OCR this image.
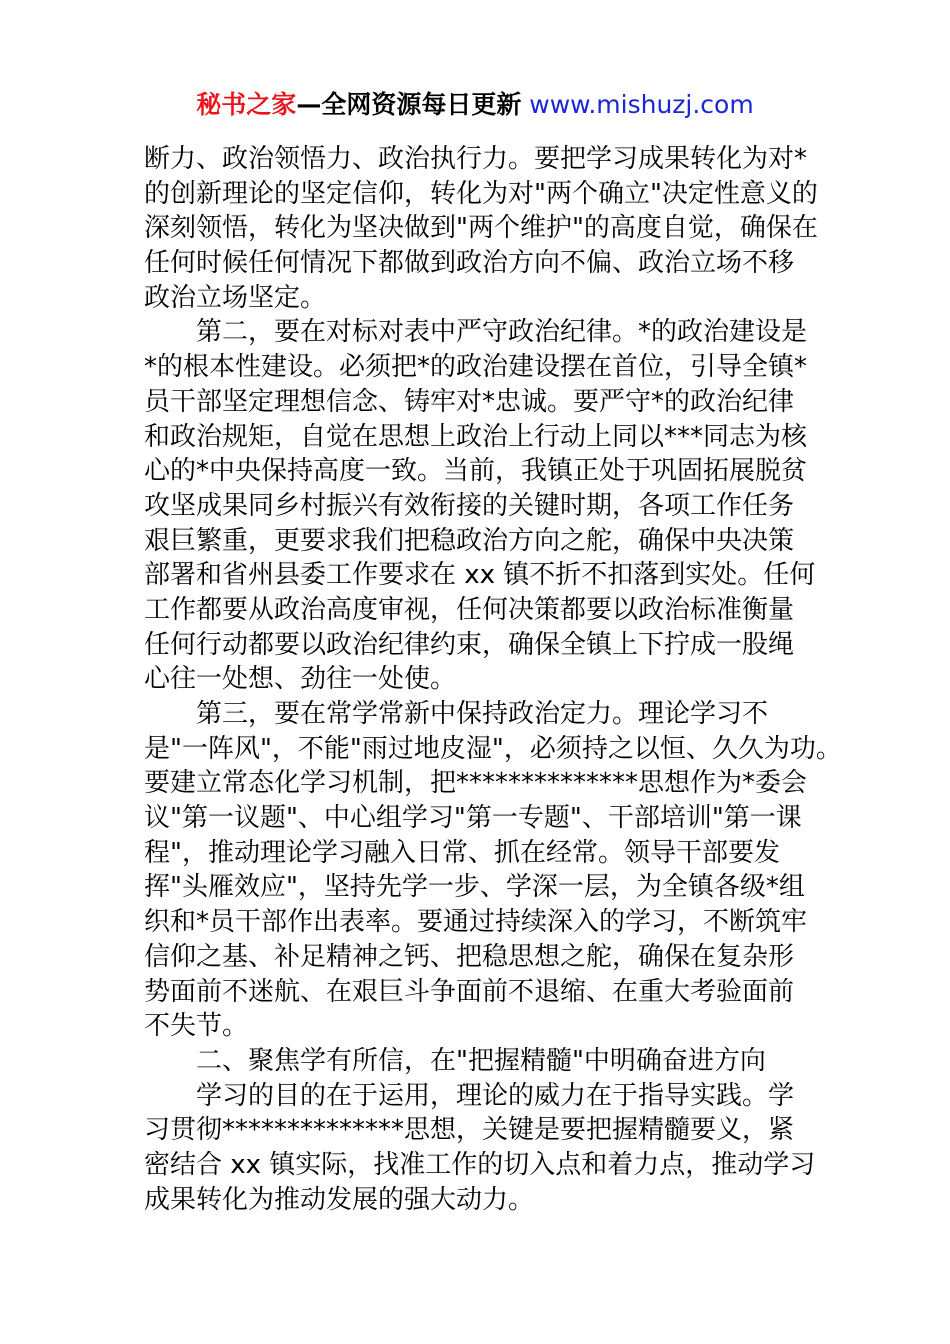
秘书之家—全网资源每日更新 www.mishuzj.com
断力、政治领悟力、政治执行力。要把学习成果转化为对*
的创新理论的坚定信仰，转化为对"两个确立"决定性意义的
深刻领悟，转化为坚决做到"两个维护"的高度自觉，确保在
任何时候任何情况下都做到政治方向不偏、政治立场不移
政治立场坚定。
第二，要在对标对表中严守政治纪律。*的政治建设是
*的根本性建设。必须把*的政治建设摆在首位，引导全镇*
员干部坚定理想信念、铸牢对*忠诚。要严守*的政治纪律
和政治规矩，自觉在思想上政治上行动上同以***同志为核
心的*中央保持高度一致。当前，我镇正处于巩固拓展脱贫
攻坚成果同乡村振兴有效衔接的关键时期，各项工作任务
艰巨繁重，更要求我们把稳政治方向之舵，确保中央决策
部署和省州县委工作要求在 xx 镇不折不扣落到实处。任何
工作都要从政治高度审视，任何决策都要以政治标准衡量
任何行动都要以政治纪律约束，确保全镇上下拧成一股绳
心往一处想、劲往一处使。
第三，要在常学常新中保持政治定力。理论学习不
是"一阵风"，不能"雨过地皮湿"，必须持之以恒、久久为功。
要建立常态化学习机制，把**************思想作为*委会
议"第一议题"、中心组学习"第一专题"、干部培训"第一课
程"，推动理论学习融入日常、抓在经常。领导干部要发
挥"头雁效应"，坚持先学一步、学深一层，为全镇各级*组
织和*员干部作出表率。要通过持续深入的学习，不断筑牢
信仰之基、补足精神之钙、把稳思想之舵，确保在复杂形
势面前不迷航、在艰巨斗争面前不退缩、在重大考验面前
不失节。
二、聚焦学有所信，在"把握精髓"中明确奋进方向
学习的目的在于运用，理论的威力在于指导实践。学
习贯彻**************思想，关键是要把握精髓要义，紧
密结合 xx 镇实际，找准工作的切入点和着力点，推动学习
成果转化为推动发展的强大动力。
